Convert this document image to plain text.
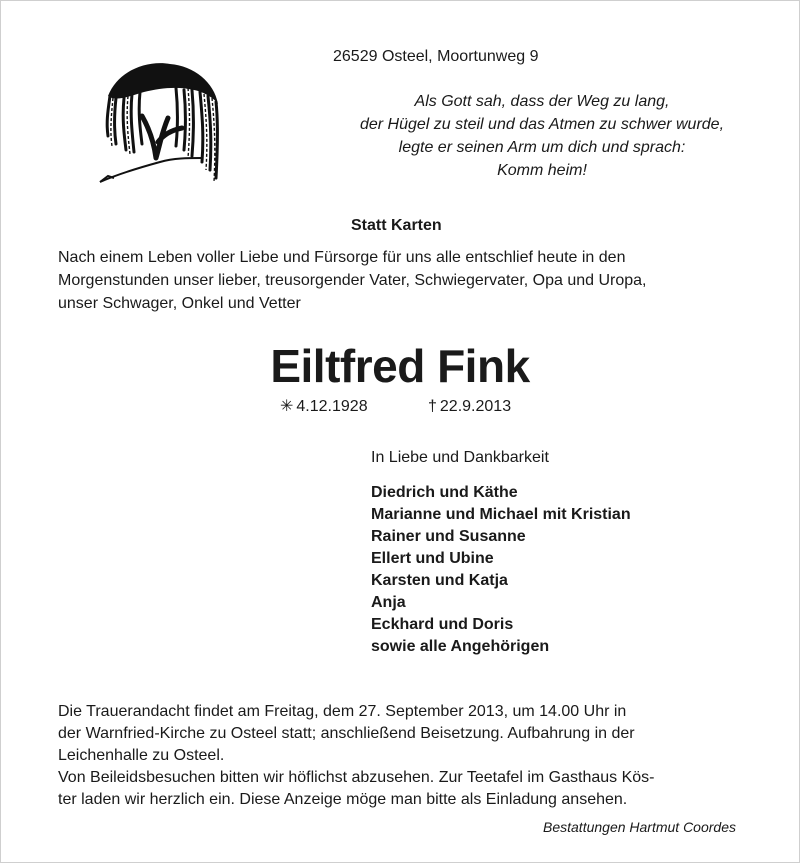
26529 Osteel, Moortunweg 9
Als Gott sah, dass der Weg zu lang,
der Hügel zu steil und das Atmen zu schwer wurde,
legte er seinen Arm um dich und sprach:
Komm heim!
Statt Karten
Nach einem Leben voller Liebe und Fürsorge für uns alle entschlief heute in den
Morgenstunden unser lieber, treusorgender Vater, Schwiegervater, Opa und Uropa,
unser Schwager, Onkel und Vetter
Eiltfred Fink
✳ 4.12.1928	† 22.9.2013
In Liebe und Dankbarkeit
Diedrich und Käthe
Marianne und Michael mit Kristian
Rainer und Susanne
Ellert und Ubine
Karsten und Katja
Anja
Eckhard und Doris
sowie alle Angehörigen
Die Trauerandacht findet am Freitag, dem 27. September 2013, um 14.00 Uhr in
der Warnfried-Kirche zu Osteel statt; anschließend Beisetzung. Aufbahrung in der
Leichenhalle zu Osteel.
Von Beileidsbesuchen bitten wir höflichst abzusehen. Zur Teetafel im Gasthaus Kös-
ter laden wir herzlich ein. Diese Anzeige möge man bitte als Einladung ansehen.
Bestattungen Hartmut Coordes
